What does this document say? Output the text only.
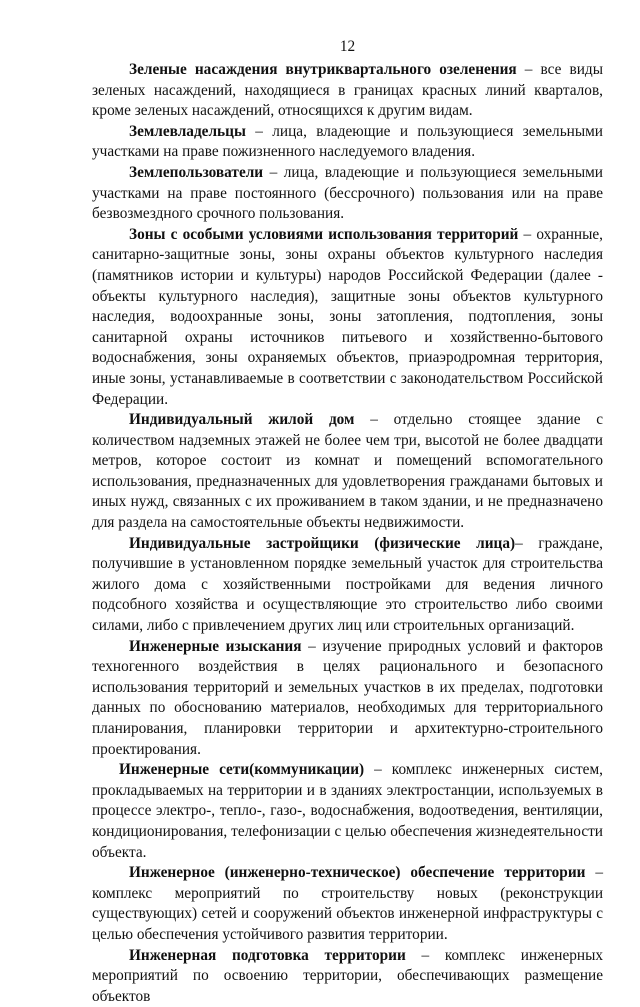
12

Зеленые насаждения внутриквартального озеленения – все виды зеленых насаждений, находящиеся в границах красных линий кварталов, кроме зеленых насаждений, относящихся к другим видам.

Землевладельцы – лица, владеющие и пользующиеся земельными участками на праве пожизненного наследуемого владения.

Землепользователи – лица, владеющие и пользующиеся земельными участками на праве постоянного (бессрочного) пользования или на праве безвозмездного срочного пользования.

Зоны с особыми условиями использования территорий – охранные, санитарно-защитные зоны, зоны охраны объектов культурного наследия (памятников истории и культуры) народов Российской Федерации (далее - объекты культурного наследия), защитные зоны объектов культурного наследия, водоохранные зоны, зоны затопления, подтопления, зоны санитарной охраны источников питьевого и хозяйственно-бытового водоснабжения, зоны охраняемых объектов, приаэродромная территория, иные зоны, устанавливаемые в соответствии с законодательством Российской Федерации.

Индивидуальный жилой дом – отдельно стоящее здание с количеством надземных этажей не более чем три, высотой не более двадцати метров, которое состоит из комнат и помещений вспомогательного использования, предназначенных для удовлетворения гражданами бытовых и иных нужд, связанных с их проживанием в таком здании, и не предназначено для раздела на самостоятельные объекты недвижимости.

Индивидуальные застройщики (физические лица)– граждане, получившие в установленном порядке земельный участок для строительства жилого дома с хозяйственными постройками для ведения личного подсобного хозяйства и осуществляющие это строительство либо своими силами, либо с привлечением других лиц или строительных организаций.

Инженерные изыскания – изучение природных условий и факторов техногенного воздействия в целях рационального и безопасного использования территорий и земельных участков в их пределах, подготовки данных по обоснованию материалов, необходимых для территориального планирования, планировки территории и архитектурно-строительного проектирования.

Инженерные сети(коммуникации) – комплекс инженерных систем, прокладываемых на территории и в зданиях электростанции, используемых в процессе электро-, тепло-, газо-, водоснабжения, водоотведения, вентиляции, кондиционирования, телефонизации с целью обеспечения жизнедеятельности объекта.

Инженерное (инженерно-техническое) обеспечение территории – комплекс мероприятий по строительству новых (реконструкции существующих) сетей и сооружений объектов инженерной инфраструктуры с целью обеспечения устойчивого развития территории.

Инженерная подготовка территории – комплекс инженерных мероприятий по освоению территории, обеспечивающих размещение объектов
